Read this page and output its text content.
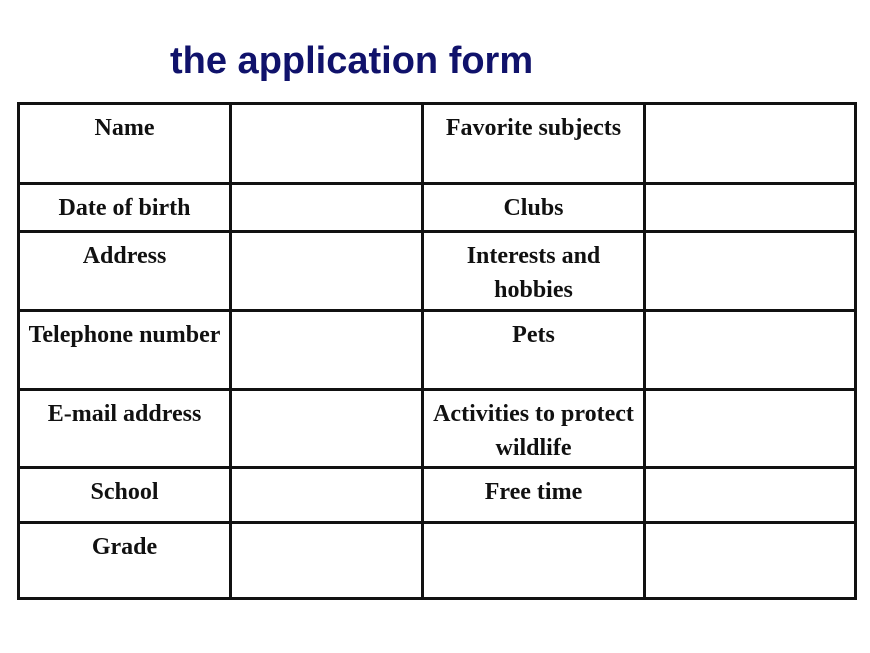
the application form
Name		Favorite subjects	
Date of birth		Clubs	
Address		Interests and hobbies	
Telephone number		Pets	
E-mail address		Activities to protect wildlife	
School		Free time	
Grade			
